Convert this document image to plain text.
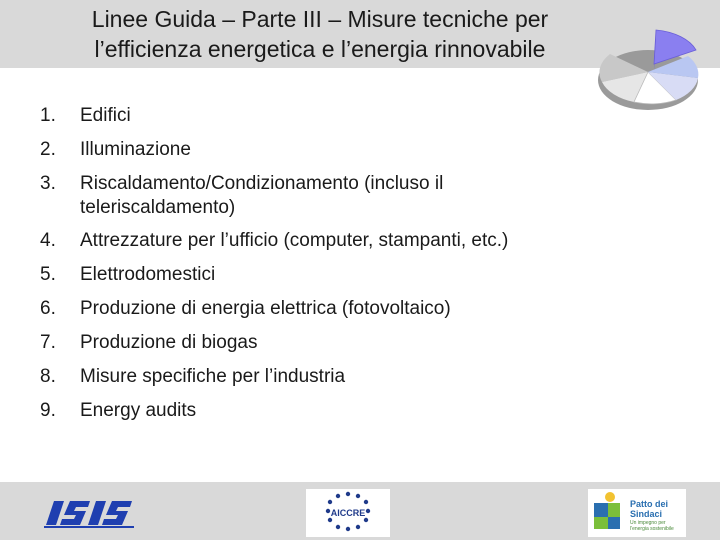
Linee Guida – Parte III – Misure tecniche per
l’efficienza energetica e l’energia rinnovabile
1.	Edifici
2.	Illuminazione
3.	Riscaldamento/Condizionamento (incluso il teleriscaldamento)
4.	Attrezzature per l’ufficio (computer, stampanti, etc.)
5.	Elettrodomestici
6.	Produzione di energia elettrica (fotovoltaico)
7.	Produzione di biogas
8.	Misure specifiche per l’industria
9.	Energy audits
AICCRE
Patto dei Sindaci
Un impegno per l'energia sostenibile
